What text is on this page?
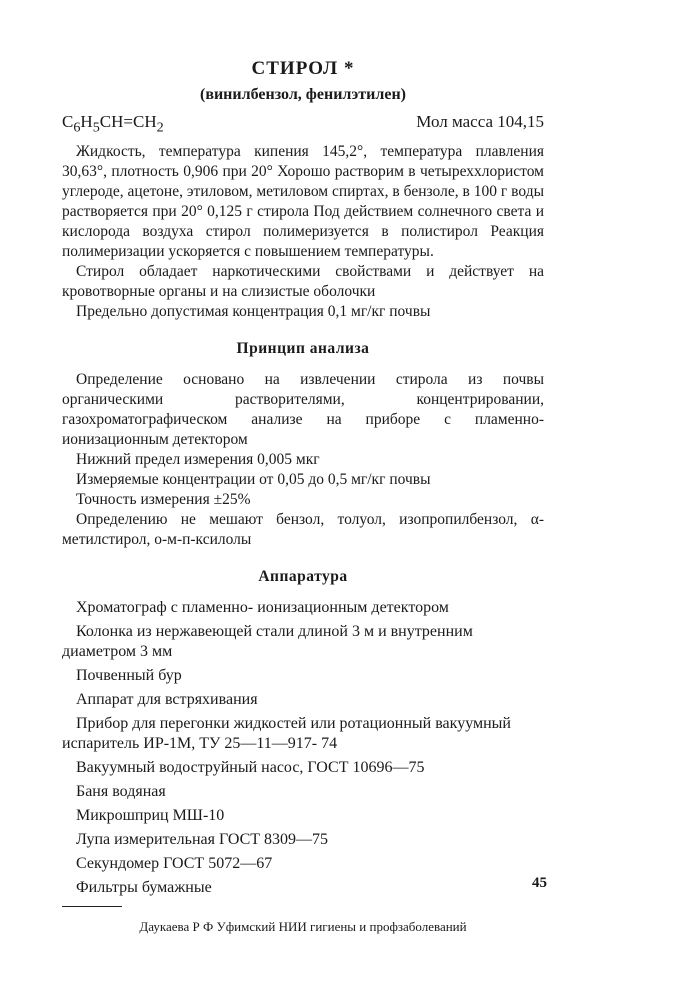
СТИРОЛ *

(винилбензол, фенилэтилен)

$C_6H_5CH=CH_2$	Мол масса 104,15

Жидкость, температура кипения 145,2°, температура плавления 30,63°, плотность 0,906 при 20° Хорошо растворим в четыреххлористом углероде, ацетоне, этиловом, метиловом спиртах, в бензоле, в 100 г воды растворяется при 20° 0,125 г стирола Под действием солнечного света и кислорода воздуха стирол полимеризуется в полистирол Реакция полимеризации ускоряется с повышением температуры.

Стирол обладает наркотическими свойствами и действует на кровотворные органы и на слизистые оболочки

Предельно допустимая концентрация 0,1 мг/кг почвы

Принцип анализа

Определение основано на извлечении стирола из почвы органическими растворителями, концентрировании, газохроматографическом анализе на приборе с пламенно-ионизационным детектором

Нижний предел измерения 0,005 мкг

Измеряемые концентрации от 0,05 до 0,5 мг/кг почвы

Точность измерения ±25%

Определению не мешают бензол, толуол, изопропилбензол, α-метилстирол, о-м-п-ксилолы

Аппаратура
Хроматограф с пламенно- ионизационным детектором
Колонка из нержавеющей стали длиной 3 м и внутренним диаметром 3 мм
Почвенный бур
Аппарат для встряхивания
Прибор для перегонки жидкостей или ротационный вакуумный испаритель ИР-1М, ТУ 25—11—917- 74
Вакуумный водоструйный насос, ГОСТ 10696—75
Баня водяная
Микрошприц МШ-10
Лупа измерительная ГОСТ 8309—75
Секундомер ГОСТ 5072—67
Фильтры бумажные

Даукаева Р Ф Уфимский НИИ гигиены и профзаболеваний

45
